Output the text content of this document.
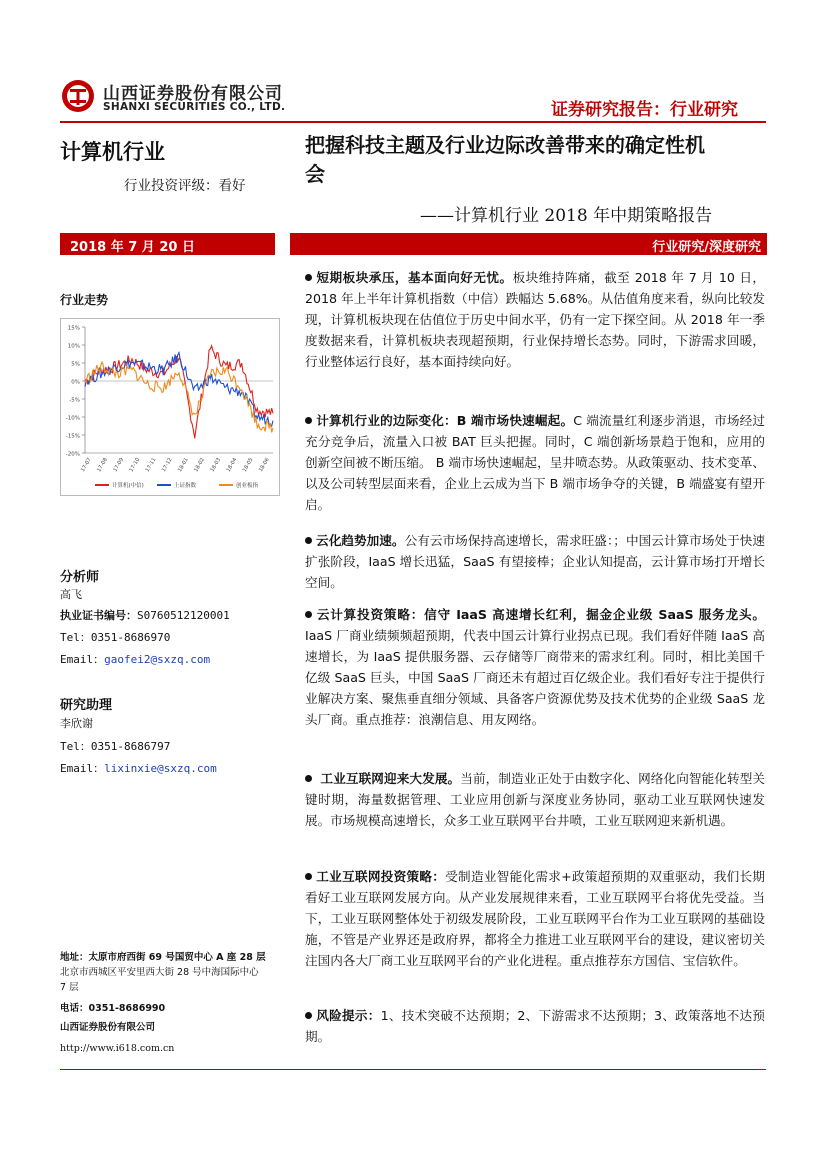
山西证券股份有限公司
SHANXI SECURITIES CO., LTD.	证券研究报告：行业研究
计算机行业
行业投资评级：看好
把握科技主题及行业边际改善带来的确定性机
会
——计算机行业 2018 年中期策略报告
2018 年 7 月 20 日	行业研究/深度研究
行业走势
15%
10%
5%
0%
-5%
-10%
-15%
-20%
17-07 17-08 17-09 17-10 17-11 17-12 18-01 18-02 18-03 18-04 18-05 18-06
计算机(中信)	上证指数	创业板指
分析师
高飞
执业证书编号：S0760512120001
Tel：0351-8686970
Email：gaofei2@sxzq.com
研究助理
李欣谢
Tel：0351-8686797
Email：lixinxie@sxzq.com
地址：太原市府西街 69 号国贸中心 A 座 28 层
北京市西城区平安里西大街 28 号中海国际中心
7 层
电话：0351-8686990
山西证券股份有限公司
http://www.i618.com.cn
短期板块承压，基本面向好无忧。板块维持阵痛，截至 2018 年 7 月 10 日，2018 年上半年计算机指数（中信）跌幅达 5.68%。从估值角度来看，纵向比较发现，计算机板块现在估值位于历史中间水平，仍有一定下探空间。从 2018 年一季度数据来看，计算机板块表现超预期，行业保持增长态势。同时，下游需求回暖，行业整体运行良好，基本面持续向好。
计算机行业的边际变化：B 端市场快速崛起。C 端流量红利逐步消退，市场经过充分竞争后，流量入口被 BAT 巨头把握。同时，C 端创新场景趋于饱和，应用的创新空间被不断压缩。 B 端市场快速崛起，呈井喷态势。从政策驱动、技术变革、以及公司转型层面来看，企业上云成为当下 B 端市场争夺的关键，B 端盛宴有望开启。
云化趋势加速。公有云市场保持高速增长，需求旺盛：；中国云计算市场处于快速扩张阶段，IaaS 增长迅猛，SaaS 有望接棒；企业认知提高，云计算市场打开增长空间。
云计算投资策略：信守 IaaS 高速增长红利，掘金企业级 SaaS 服务龙头。IaaS 厂商业绩频频超预期，代表中国云计算行业拐点已现。我们看好伴随 IaaS 高速增长，为 IaaS 提供服务器、云存储等厂商带来的需求红利。同时，相比美国千亿级 SaaS 巨头，中国 SaaS 厂商还未有超过百亿级企业。我们看好专注于提供行业解决方案、聚焦垂直细分领域、具备客户资源优势及技术优势的企业级 SaaS 龙头厂商。重点推荐：浪潮信息、用友网络。
工业互联网迎来大发展。当前，制造业正处于由数字化、网络化向智能化转型关键时期，海量数据管理、工业应用创新与深度业务协同，驱动工业互联网快速发展。市场规模高速增长，众多工业互联网平台井喷，工业互联网迎来新机遇。
工业互联网投资策略：受制造业智能化需求+政策超预期的双重驱动，我们长期看好工业互联网发展方向。从产业发展规律来看，工业互联网平台将优先受益。当下，工业互联网整体处于初级发展阶段，工业互联网平台作为工业互联网的基础设施，不管是产业界还是政府界，都将全力推进工业互联网平台的建设，建议密切关注国内各大厂商工业互联网平台的产业化进程。重点推荐东方国信、宝信软件。
风险提示：1、技术突破不达预期；2、下游需求不达预期；3、政策落地不达预期。
